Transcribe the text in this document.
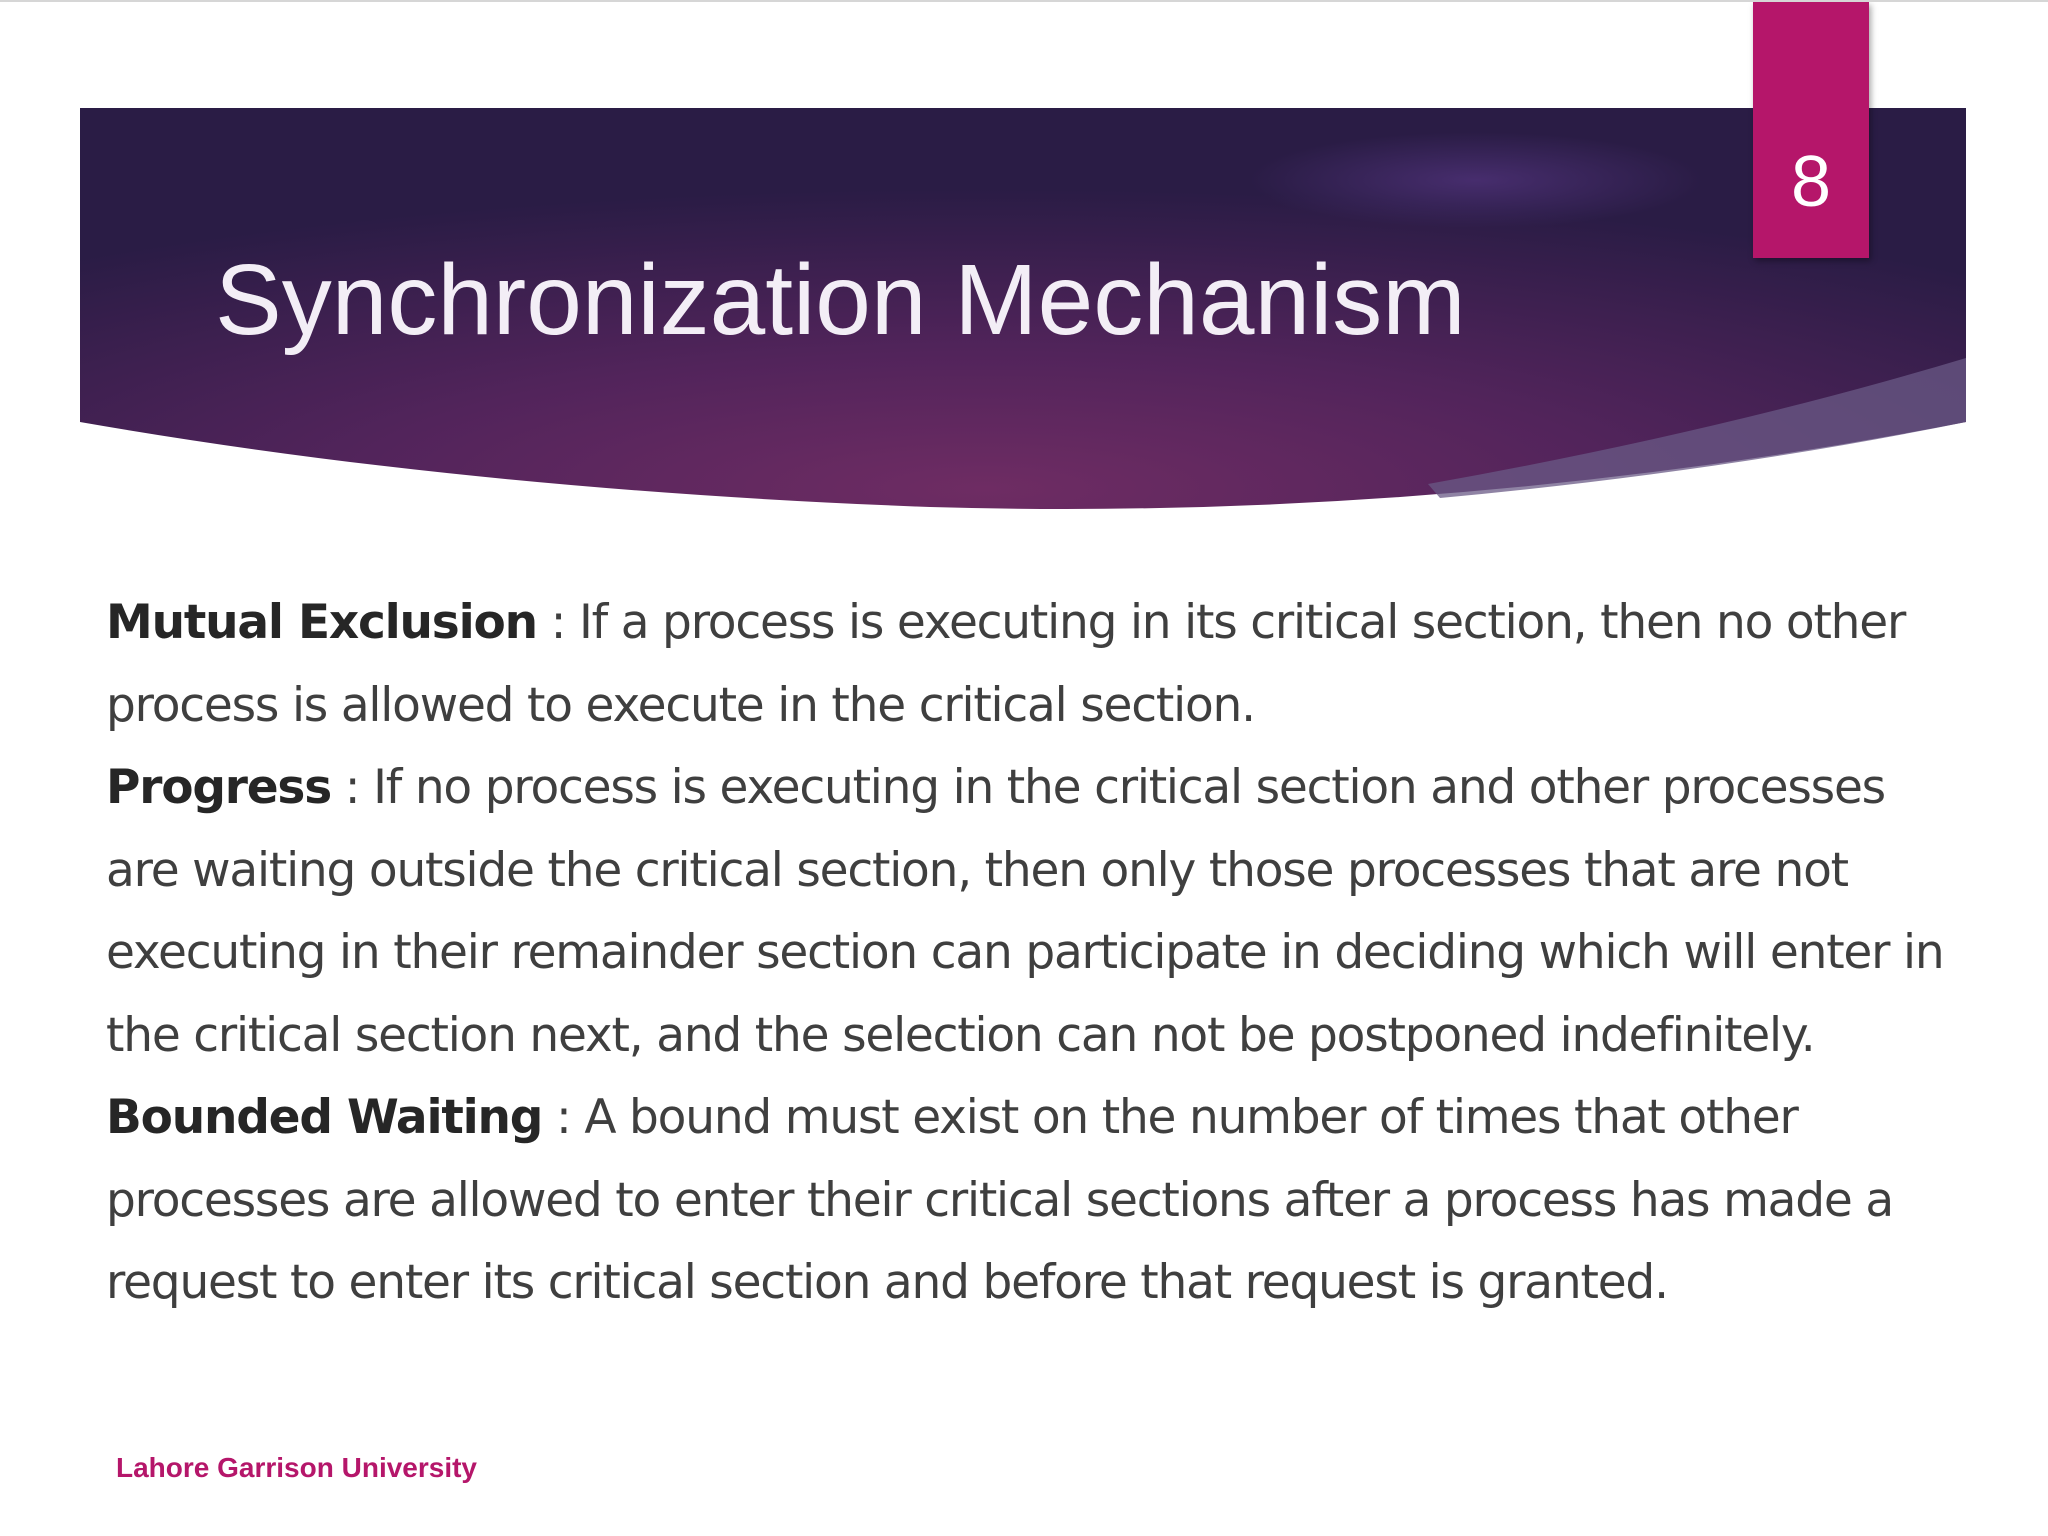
Synchronization Mechanism
8

Mutual Exclusion : If a process is executing in its critical section, then no other process is allowed to execute in the critical section.

Progress : If no process is executing in the critical section and other processes are waiting outside the critical section, then only those processes that are not executing in their remainder section can participate in deciding which will enter in the critical section next, and the selection can not be postponed indefinitely.

Bounded Waiting : A bound must exist on the number of times that other processes are allowed to enter their critical sections after a process has made a request to enter its critical section and before that request is granted.

Lahore Garrison University
